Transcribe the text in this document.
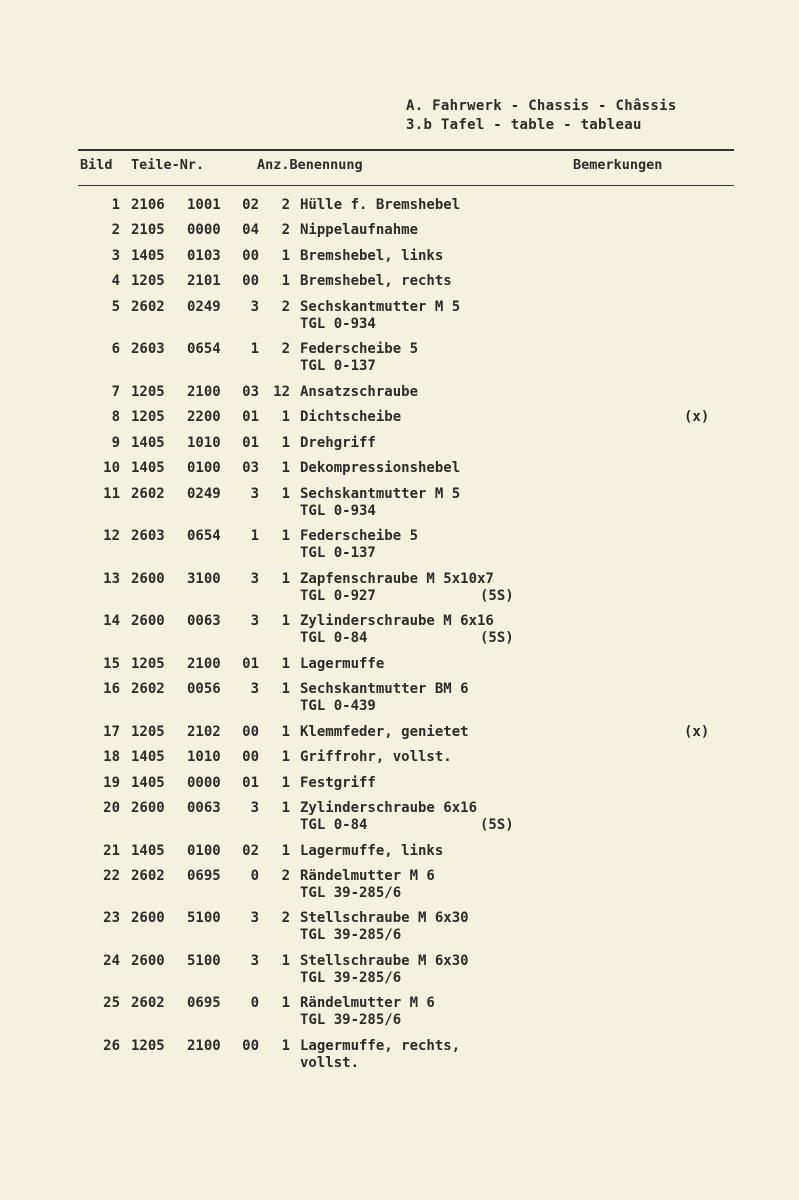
A. Fahrwerk - Chassis - Châssis
3.b Tafel - table - tableau
Bild Teile-Nr.	Anz.Benennung	Bemerkungen
1 2106 1001	02	2 Hülle f. Bremshebel
2 2105 0000	04	2 Nippelaufnahme
3 1405 0103	00	1 Bremshebel, links
4 1205 2101	00	1 Bremshebel, rechts
5 2602 0249	3	2 Sechskantmutter M 5
TGL 0-934
6 2603 0654	1	2 Federscheibe 5
TGL 0-137
7 1205 2100	03	12 Ansatzschraube
8 1205 2200	01	1 Dichtscheibe	(x)
9 1405 1010	01	1 Drehgriff
10 1405 0100	03	1 Dekompressionshebel
11 2602 0249	3	1 Sechskantmutter M 5
TGL 0-934
12 2603 0654	1	1 Federscheibe 5
TGL 0-137
13 2600 3100	3	1 Zapfenschraube M 5x10x7
TGL 0-927	(5S)
14 2600 0063	3	1 Zylinderschraube M 6x16
TGL 0-84	(5S)
15 1205 2100	01	1 Lagermuffe
16 2602 0056	3	1 Sechskantmutter BM 6
TGL 0-439
17 1205 2102	00	1 Klemmfeder, genietet	(x)
18 1405 1010	00	1 Griffrohr, vollst.
19 1405 0000	01	1 Festgriff
20 2600 0063	3	1 Zylinderschraube 6x16
TGL 0-84	(5S)
21 1405 0100	02	1 Lagermuffe, links
22 2602 0695	0	2 Rändelmutter M 6
TGL 39-285/6
23 2600 5100	3	2 Stellschraube M 6x30
TGL 39-285/6
24 2600 5100	3	1 Stellschraube M 6x30
TGL 39-285/6
25 2602 0695	0	1 Rändelmutter M 6
TGL 39-285/6
26 1205 2100	00	1 Lagermuffe, rechts,
vollst.
